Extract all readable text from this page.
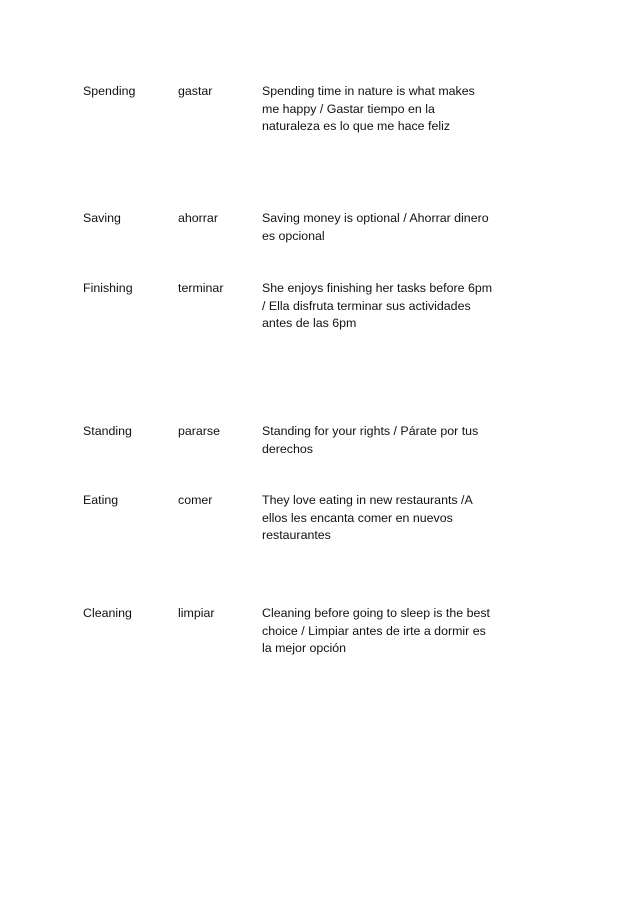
Spending	gastar	Spending time in nature is what makes
me happy / Gastar tiempo en la
naturaleza es lo que me hace feliz
Saving	ahorrar	Saving money is optional / Ahorrar dinero
es opcional
Finishing	terminar	She enjoys finishing her tasks before 6pm
/ Ella disfruta terminar sus actividades
antes de las 6pm
Standing	pararse	Standing for your rights / Párate por tus
derechos
Eating	comer	They love eating in new restaurants /A
ellos les encanta comer en nuevos
restaurantes
Cleaning	limpiar	Cleaning before going to sleep is the best
choice / Limpiar antes de irte a dormir es
la mejor opción
